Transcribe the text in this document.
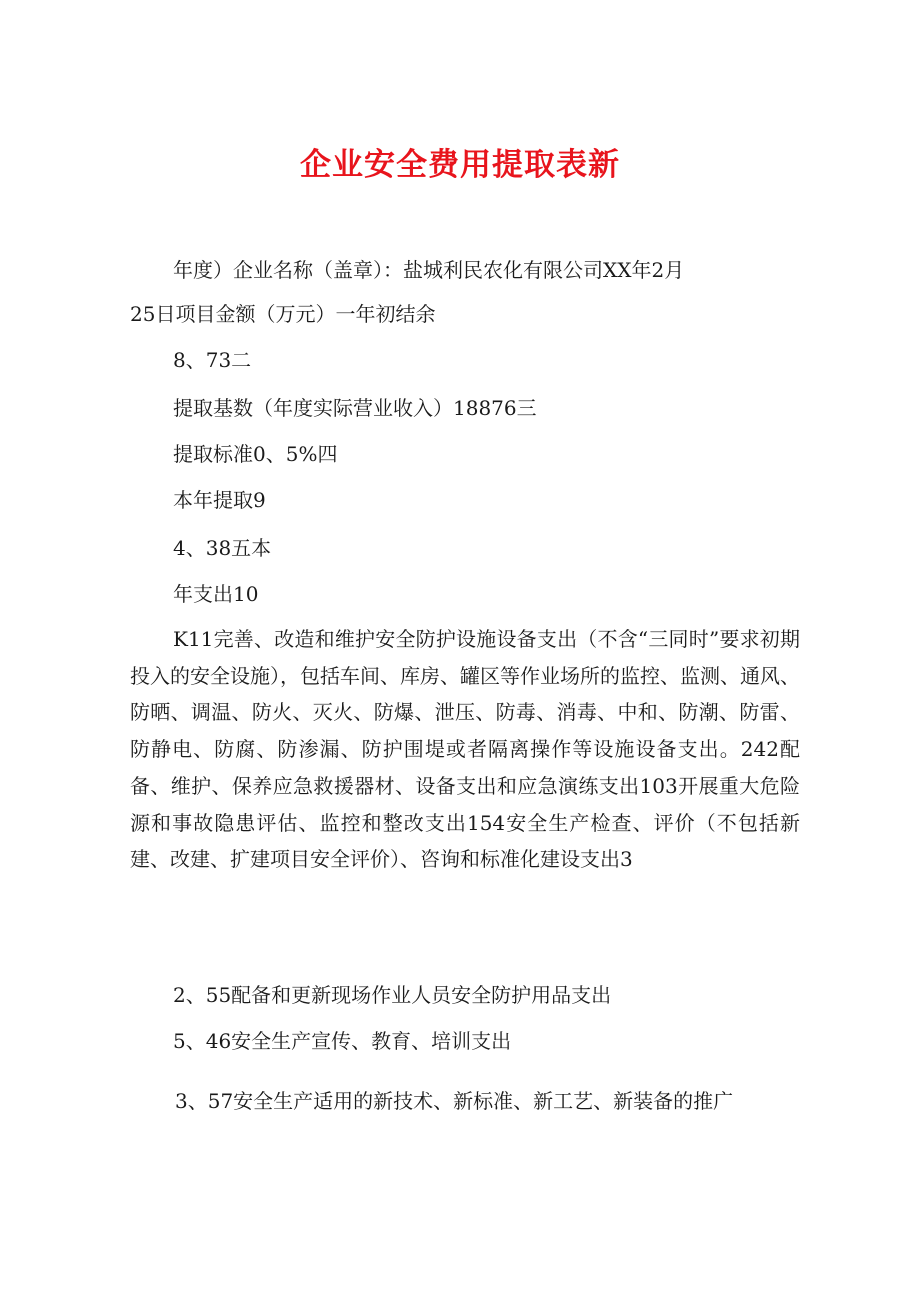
企业安全费用提取表新

年度）企业名称（盖章）：盐城利民农化有限公司XX年2月

25日项目金额（万元）一年初结余

8、73二

提取基数（年度实际营业收入）18876三

提取标准0、5%四

本年提取9

4、38五本

年支出10

K11完善、改造和维护安全防护设施设备支出（不含“三同时”要求初期投入的安全设施），包括车间、库房、罐区等作业场所的监控、监测、通风、防晒、调温、防火、灭火、防爆、泄压、防毒、消毒、中和、防潮、防雷、防静电、防腐、防渗漏、防护围堤或者隔离操作等设施设备支出。242配备、维护、保养应急救援器材、设备支出和应急演练支出103开展重大危险源和事故隐患评估、监控和整改支出154安全生产检查、评价（不包括新建、改建、扩建项目安全评价）、咨询和标准化建设支出3

2、55配备和更新现场作业人员安全防护用品支出

5、46安全生产宣传、教育、培训支出

3、57安全生产适用的新技术、新标准、新工艺、新装备的推广
